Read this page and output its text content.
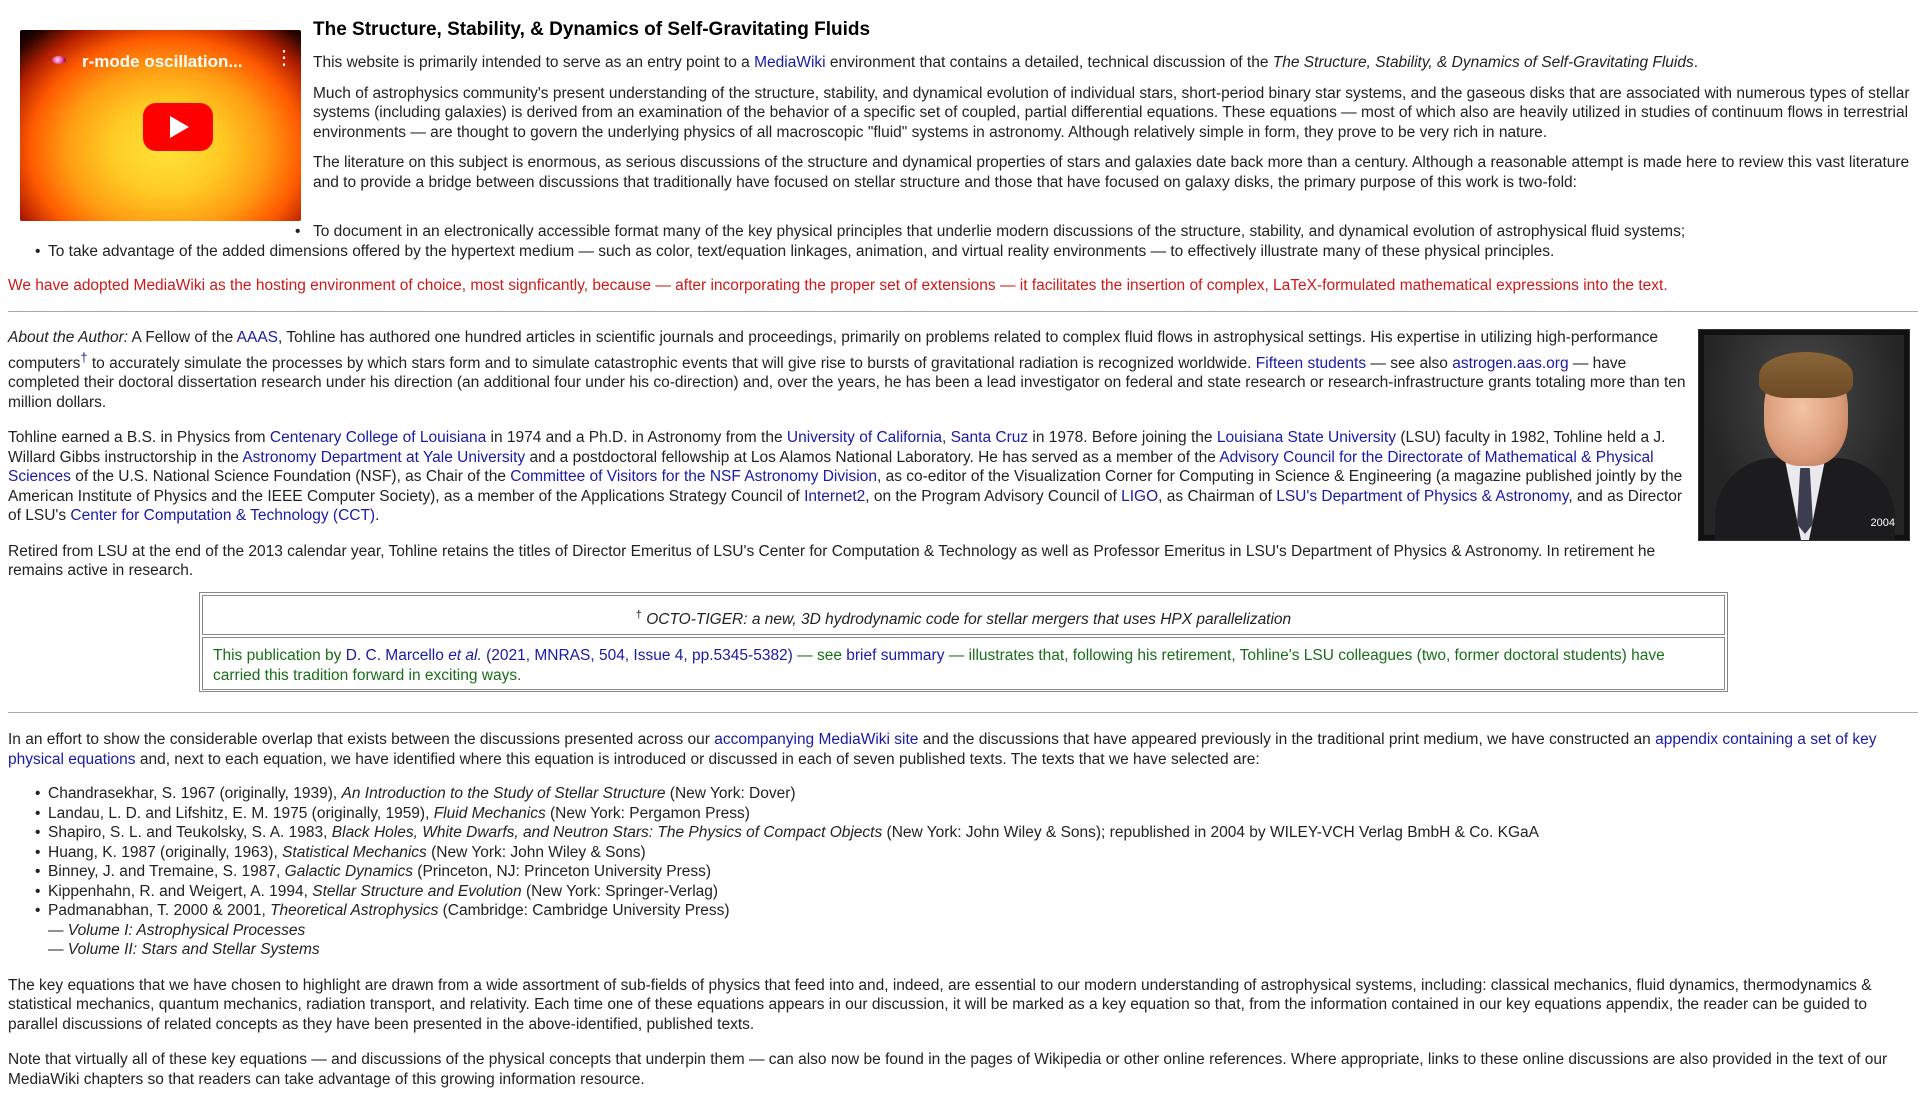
r-mode oscillation... ⋮
The Structure, Stability, & Dynamics of Self-Gravitating Fluids

This website is primarily intended to serve as an entry point to a MediaWiki environment that contains a detailed, technical discussion of the The Structure, Stability, & Dynamics of Self-Gravitating Fluids.

Much of astrophysics community's present understanding of the structure, stability, and dynamical evolution of individual stars, short-period binary star systems, and the gaseous disks that are associated with numerous types of stellar systems (including galaxies) is derived from an examination of the behavior of a specific set of coupled, partial differential equations. These equations — most of which also are heavily utilized in studies of continuum flows in terrestrial environments — are thought to govern the underlying physics of all macroscopic "fluid" systems in astronomy. Although relatively simple in form, they prove to be very rich in nature.

The literature on this subject is enormous, as serious discussions of the structure and dynamical properties of stars and galaxies date back more than a century. Although a reasonable attempt is made here to review this vast literature and to provide a bridge between discussions that traditionally have focused on stellar structure and those that have focused on galaxy disks, the primary purpose of this work is two-fold:

• To document in an electronically accessible format many of the key physical principles that underlie modern discussions of the structure, stability, and dynamical evolution of astrophysical fluid systems;
• To take advantage of the added dimensions offered by the hypertext medium — such as color, text/equation linkages, animation, and virtual reality environments — to effectively illustrate many of these physical principles.

We have adopted MediaWiki as the hosting environment of choice, most signficantly, because — after incorporating the proper set of extensions — it facilitates the insertion of complex, LaTeX-formulated mathematical expressions into the text.

About the Author: A Fellow of the AAAS, Tohline has authored one hundred articles in scientific journals and proceedings, primarily on problems related to complex fluid flows in astrophysical settings. His expertise in utilizing high-performance computers† to accurately simulate the processes by which stars form and to simulate catastrophic events that will give rise to bursts of gravitational radiation is recognized worldwide. Fifteen students — see also astrogen.aas.org — have completed their doctoral dissertation research under his direction (an additional four under his co-direction) and, over the years, he has been a lead investigator on federal and state research or research-infrastructure grants totaling more than ten million dollars.

Tohline earned a B.S. in Physics from Centenary College of Louisiana in 1974 and a Ph.D. in Astronomy from the University of California, Santa Cruz in 1978. Before joining the Louisiana State University (LSU) faculty in 1982, Tohline held a J. Willard Gibbs instructorship in the Astronomy Department at Yale University and a postdoctoral fellowship at Los Alamos National Laboratory. He has served as a member of the Advisory Council for the Directorate of Mathematical & Physical Sciences of the U.S. National Science Foundation (NSF), as Chair of the Committee of Visitors for the NSF Astronomy Division, as co-editor of the Visualization Corner for Computing in Science & Engineering (a magazine published jointly by the American Institute of Physics and the IEEE Computer Society), as a member of the Applications Strategy Council of Internet2, on the Program Advisory Council of LIGO, as Chairman of LSU's Department of Physics & Astronomy, and as Director of LSU's Center for Computation & Technology (CCT).

Retired from LSU at the end of the 2013 calendar year, Tohline retains the titles of Director Emeritus of LSU's Center for Computation & Technology as well as Professor Emeritus in LSU's Department of Physics & Astronomy. In retirement he remains active in research.

2004
† OCTO-TIGER: a new, 3D hydrodynamic code for stellar mergers that uses HPX parallelization
This publication by D. C. Marcello et al. (2021, MNRAS, 504, Issue 4, pp.5345-5382) — see brief summary — illustrates that, following his retirement, Tohline's LSU colleagues (two, former doctoral students) have carried this tradition forward in exciting ways.

In an effort to show the considerable overlap that exists between the discussions presented across our accompanying MediaWiki site and the discussions that have appeared previously in the traditional print medium, we have constructed an appendix containing a set of key physical equations and, next to each equation, we have identified where this equation is introduced or discussed in each of seven published texts. The texts that we have selected are:

• Chandrasekhar, S. 1967 (originally, 1939), An Introduction to the Study of Stellar Structure (New York: Dover)
• Landau, L. D. and Lifshitz, E. M. 1975 (originally, 1959), Fluid Mechanics (New York: Pergamon Press)
• Shapiro, S. L. and Teukolsky, S. A. 1983, Black Holes, White Dwarfs, and Neutron Stars: The Physics of Compact Objects (New York: John Wiley & Sons); republished in 2004 by WILEY-VCH Verlag BmbH & Co. KGaA
• Huang, K. 1987 (originally, 1963), Statistical Mechanics (New York: John Wiley & Sons)
• Binney, J. and Tremaine, S. 1987, Galactic Dynamics (Princeton, NJ: Princeton University Press)
• Kippenhahn, R. and Weigert, A. 1994, Stellar Structure and Evolution (New York: Springer-Verlag)
• Padmanabhan, T. 2000 & 2001, Theoretical Astrophysics (Cambridge: Cambridge University Press)
— Volume I: Astrophysical Processes
— Volume II: Stars and Stellar Systems

The key equations that we have chosen to highlight are drawn from a wide assortment of sub-fields of physics that feed into and, indeed, are essential to our modern understanding of astrophysical systems, including: classical mechanics, fluid dynamics, thermodynamics & statistical mechanics, quantum mechanics, radiation transport, and relativity. Each time one of these equations appears in our discussion, it will be marked as a key equation so that, from the information contained in our key equations appendix, the reader can be guided to parallel discussions of related concepts as they have been presented in the above-identified, published texts.

Note that virtually all of these key equations — and discussions of the physical concepts that underpin them — can also now be found in the pages of Wikipedia or other online references. Where appropriate, links to these online discussions are also provided in the text of our MediaWiki chapters so that readers can take advantage of this growing information resource.
